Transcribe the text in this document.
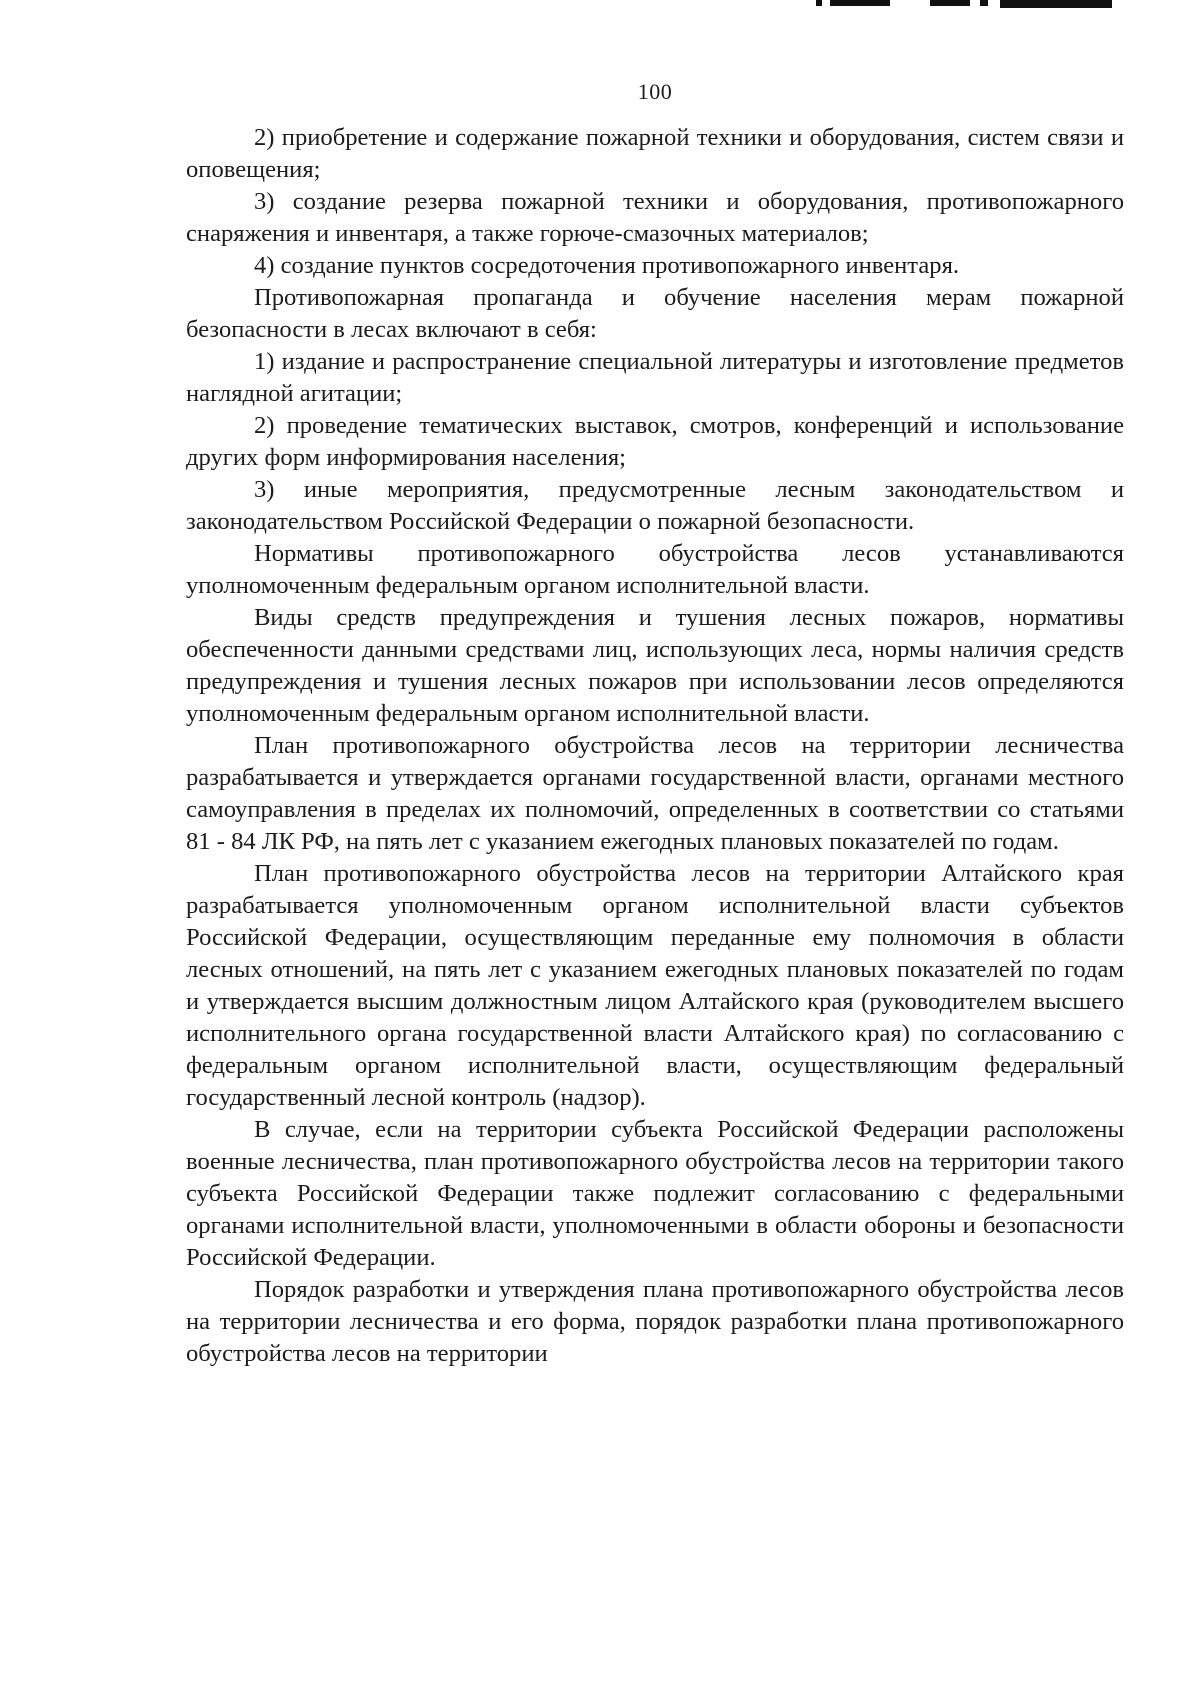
100

2) приобретение и содержание пожарной техники и оборудования, систем связи и оповещения;

3) создание резерва пожарной техники и оборудования, противопожарного снаряжения и инвентаря, а также горюче-смазочных материалов;

4) создание пунктов сосредоточения противопожарного инвентаря.

Противопожарная пропаганда и обучение населения мерам пожарной безопасности в лесах включают в себя:

1) издание и распространение специальной литературы и изготовление предметов наглядной агитации;

2) проведение тематических выставок, смотров, конференций и использование других форм информирования населения;

3) иные мероприятия, предусмотренные лесным законодательством и законодательством Российской Федерации о пожарной безопасности.

Нормативы противопожарного обустройства лесов устанавливаются уполномоченным федеральным органом исполнительной власти.

Виды средств предупреждения и тушения лесных пожаров, нормативы обеспеченности данными средствами лиц, использующих леса, нормы наличия средств предупреждения и тушения лесных пожаров при использовании лесов определяются уполномоченным федеральным органом исполнительной власти.

План противопожарного обустройства лесов на территории лесничества разрабатывается и утверждается органами государственной власти, органами местного самоуправления в пределах их полномочий, определенных в соответствии со статьями 81 - 84 ЛК РФ, на пять лет с указанием ежегодных плановых показателей по годам.

План противопожарного обустройства лесов на территории Алтайского края разрабатывается уполномоченным органом исполнительной власти субъектов Российской Федерации, осуществляющим переданные ему полномочия в области лесных отношений, на пять лет с указанием ежегодных плановых показателей по годам и утверждается высшим должностным лицом Алтайского края (руководителем высшего исполнительного органа государственной власти Алтайского края) по согласованию с федеральным органом исполнительной власти, осуществляющим федеральный государственный лесной контроль (надзор).

В случае, если на территории субъекта Российской Федерации расположены военные лесничества, план противопожарного обустройства лесов на территории такого субъекта Российской Федерации также подлежит согласованию с федеральными органами исполнительной власти, уполномоченными в области обороны и безопасности Российской Федерации.

Порядок разработки и утверждения плана противопожарного обустройства лесов на территории лесничества и его форма, порядок разработки плана противопожарного обустройства лесов на территории
